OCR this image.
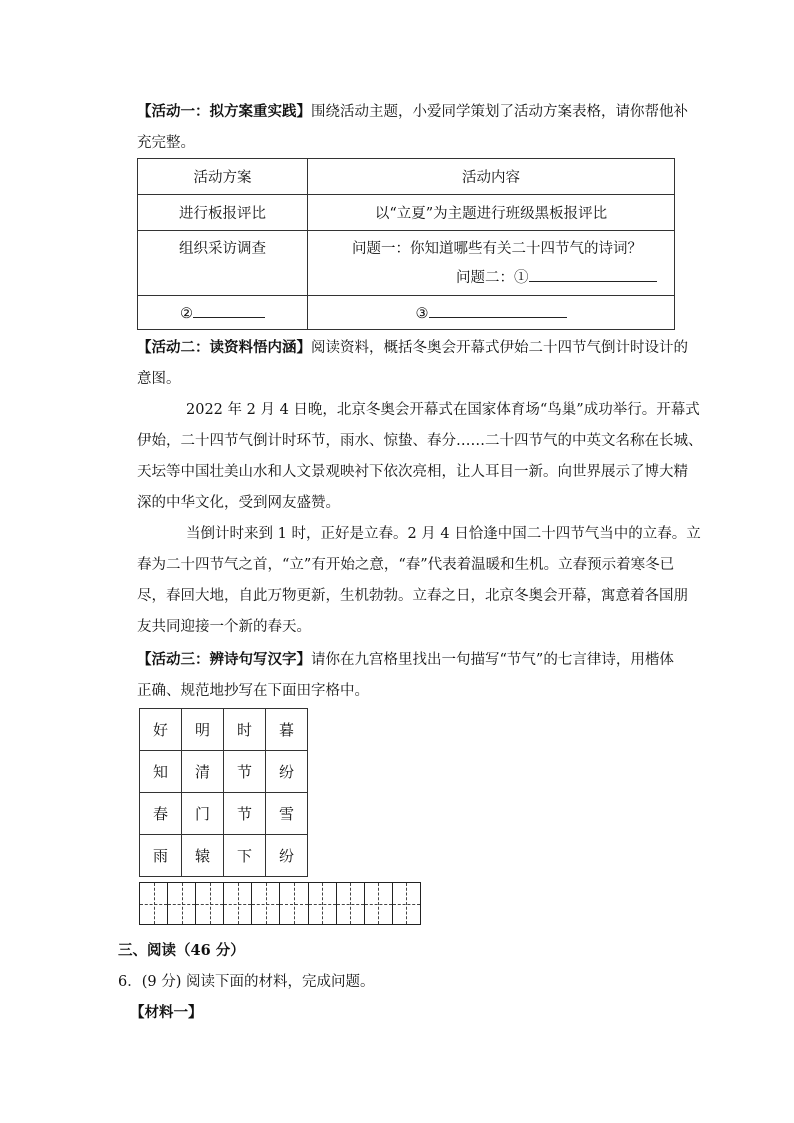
【活动一：拟方案重实践】围绕活动主题，小爱同学策划了活动方案表格，请你帮他补
充完整。
活动方案	活动内容
进行板报评比	以“立夏”为主题进行班级黑板报评比
组织采访调查	问题一：你知道哪些有关二十四节气的诗词？
问题二：①

②	③
【活动二：读资料悟内涵】阅读资料，概括冬奥会开幕式伊始二十四节气倒计时设计的
意图。
2022 年 2 月 4 日晚，北京冬奥会开幕式在国家体育场“鸟巢”成功举行。开幕式
伊始，二十四节气倒计时环节，雨水、惊蛰、春分……二十四节气的中英文名称在长城、
天坛等中国壮美山水和人文景观映衬下依次亮相，让人耳目一新。向世界展示了博大精
深的中华文化，受到网友盛赞。
当倒计时来到 1 时，正好是立春。2 月 4 日恰逢中国二十四节气当中的立春。立
春为二十四节气之首，“立”有开始之意，“春”代表着温暖和生机。立春预示着寒冬已
尽，春回大地，自此万物更新，生机勃勃。立春之日，北京冬奥会开幕，寓意着各国朋
友共同迎接一个新的春天。
【活动三：辨诗句写汉字】请你在九宫格里找出一句描写“节气”的七言律诗，用楷体
正确、规范地抄写在下面田字格中。
好	明	时	暮
知	清	节	纷
春	门	节	雪
雨	辕	下	纷
三、阅读（46 分）
6．(9 分) 阅读下面的材料，完成问题。
【材料一】
